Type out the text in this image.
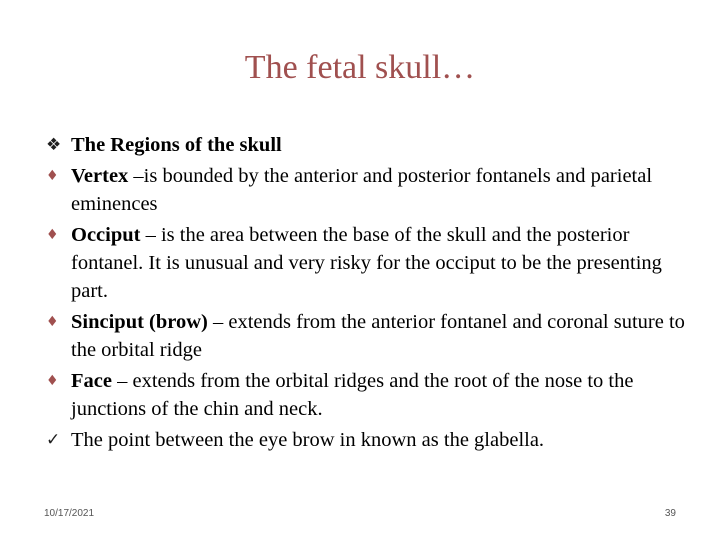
The fetal skull…
❖ The Regions of the skull
♦ Vertex –is bounded by the anterior and posterior fontanels and parietal eminences
♦ Occiput – is the area between the base of the skull and the posterior fontanel. It is unusual and very risky for the occiput to be the presenting part.
♦ Sinciput (brow) – extends from the anterior fontanel and coronal suture to the orbital ridge
♦ Face – extends from the orbital ridges and the root of the nose to the junctions of the chin and neck.
✓ The point between the eye brow in known as the glabella.
10/17/2021	39
